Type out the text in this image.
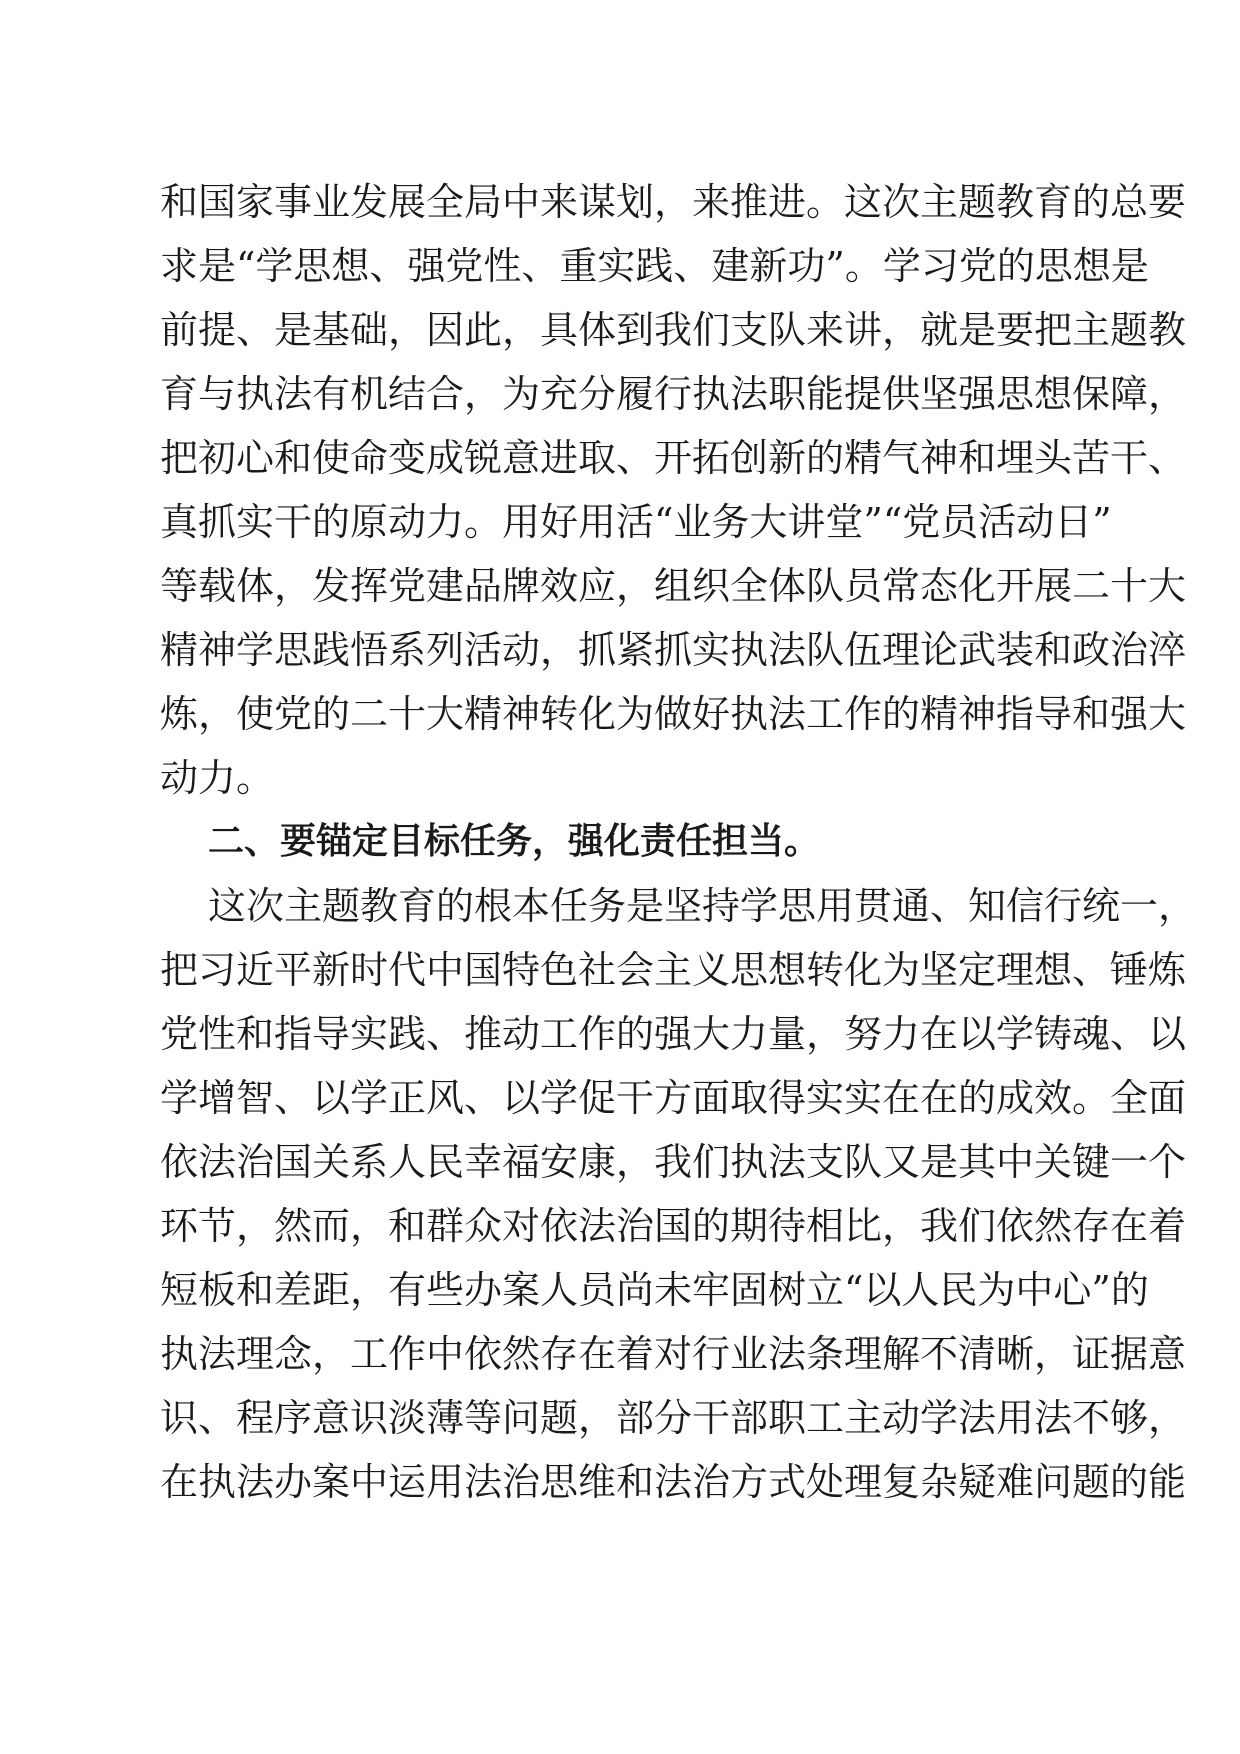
和国家事业发展全局中来谋划，来推进。这次主题教育的总要
求是“学思想、强党性、重实践、建新功”。学习党的思想是
前提、是基础，因此，具体到我们支队来讲，就是要把主题教
育与执法有机结合，为充分履行执法职能提供坚强思想保障，
把初心和使命变成锐意进取、开拓创新的精气神和埋头苦干、
真抓实干的原动力。用好用活“业务大讲堂”“党员活动日”
等载体，发挥党建品牌效应，组织全体队员常态化开展二十大
精神学思践悟系列活动，抓紧抓实执法队伍理论武装和政治淬
炼，使党的二十大精神转化为做好执法工作的精神指导和强大
动力。
二、要锚定目标任务，强化责任担当。
这次主题教育的根本任务是坚持学思用贯通、知信行统一，
把习近平新时代中国特色社会主义思想转化为坚定理想、锤炼
党性和指导实践、推动工作的强大力量，努力在以学铸魂、以
学增智、以学正风、以学促干方面取得实实在在的成效。全面
依法治国关系人民幸福安康，我们执法支队又是其中关键一个
环节，然而，和群众对依法治国的期待相比，我们依然存在着
短板和差距，有些办案人员尚未牢固树立“以人民为中心”的
执法理念，工作中依然存在着对行业法条理解不清晰，证据意
识、程序意识淡薄等问题，部分干部职工主动学法用法不够，
在执法办案中运用法治思维和法治方式处理复杂疑难问题的能
